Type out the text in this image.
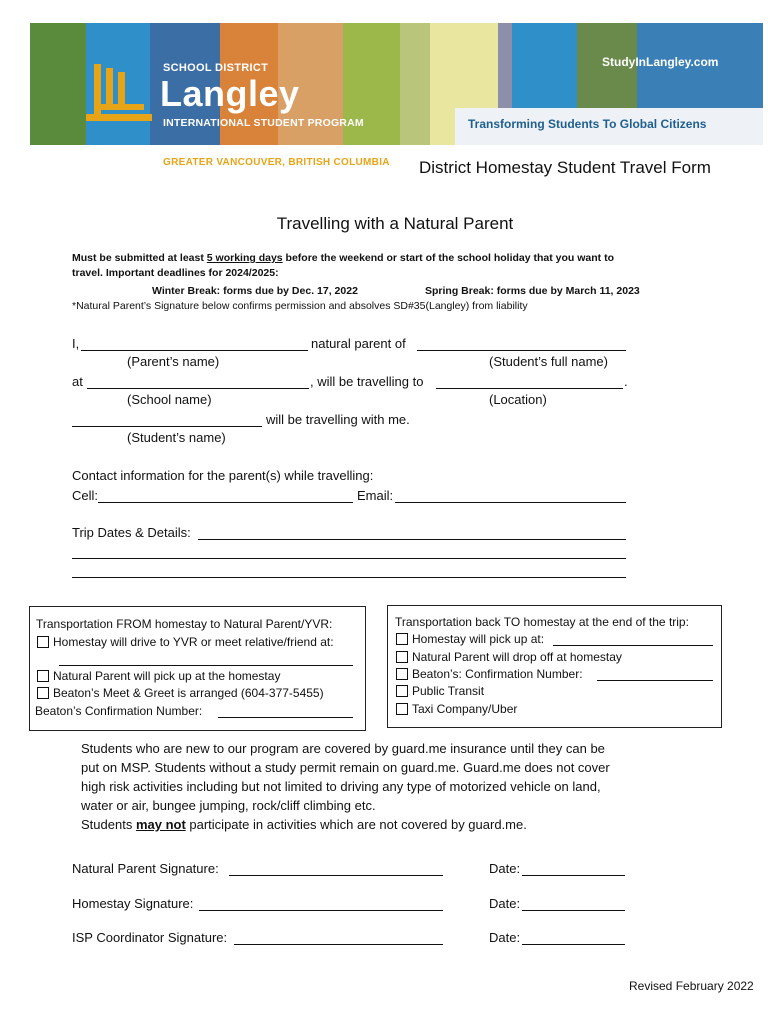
SCHOOL DISTRICT
Langley
INTERNATIONAL STUDENT PROGRAM
StudyInLangley.com
Transforming Students To Global Citizens
GREATER VANCOUVER, BRITISH COLUMBIA District Homestay Student Travel Form
Travelling with a Natural Parent
Must be submitted at least 5 working days before the weekend or start of the school holiday that you want to
travel. Important deadlines for 2024/2025:
Winter Break: forms due by Dec. 17, 2022	Spring Break: forms due by March 11, 2023
*Natural Parent’s Signature below confirms permission and absolves SD#35(Langley) from liability
I,	natural parent of
(Parent’s name)	(Student’s full name)
at	, will be travelling to	.
(School name)	(Location)
will be travelling with me.
(Student’s name)
Contact information for the parent(s) while travelling:
Cell:	Email:
Trip Dates & Details:
Transportation FROM homestay to Natural Parent/YVR:
Homestay will drive to YVR or meet relative/friend at:
Natural Parent will pick up at the homestay
Beaton’s Meet & Greet is arranged (604-377-5455)
Beaton’s Confirmation Number:
Transportation back TO homestay at the end of the trip:
Homestay will pick up at:
Natural Parent will drop off at homestay
Beaton’s: Confirmation Number:
Public Transit
Taxi Company/Uber
Students who are new to our program are covered by guard.me insurance until they can be
put on MSP. Students without a study permit remain on guard.me. Guard.me does not cover
high risk activities including but not limited to driving any type of motorized vehicle on land,
water or air, bungee jumping, rock/cliff climbing etc.
Students may not participate in activities which are not covered by guard.me.
Natural Parent Signature:	Date:
Homestay Signature:	Date:
ISP Coordinator Signature:	Date:
Revised February 2022
